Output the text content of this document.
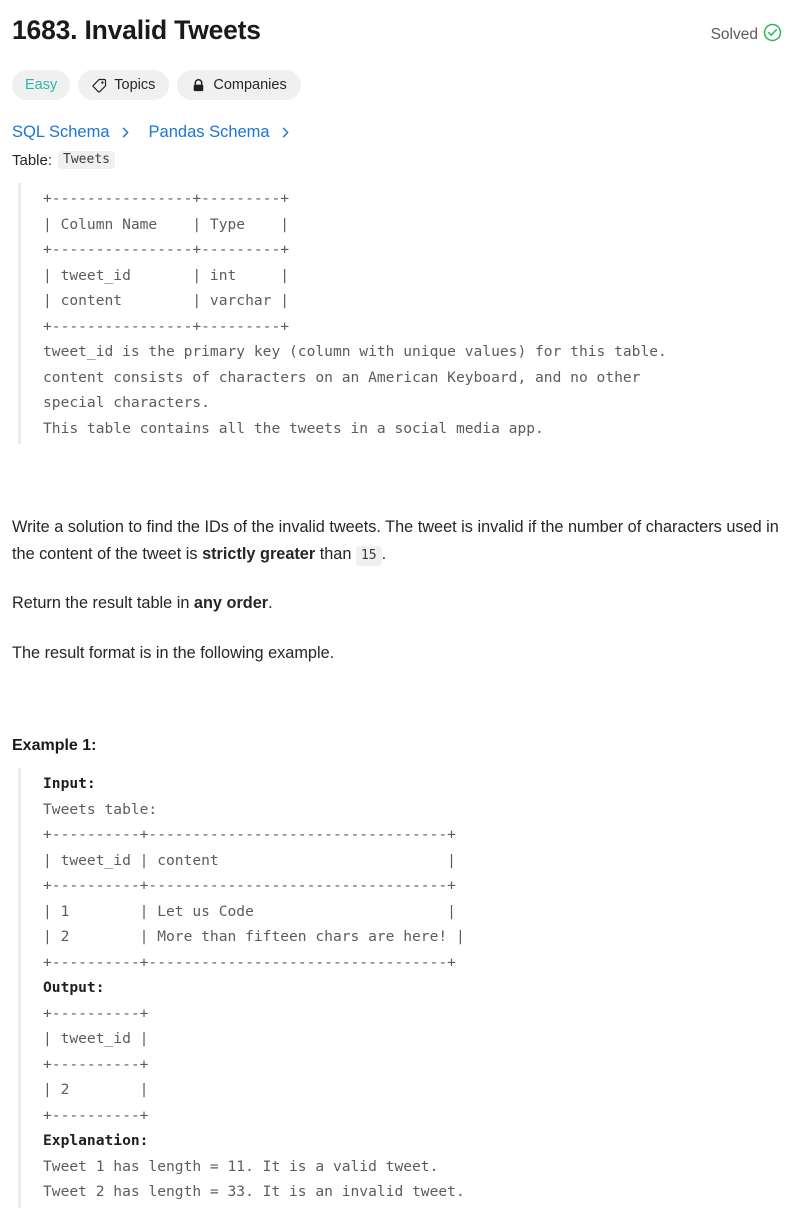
1683. Invalid Tweets	Solved
Easy	Topics	Companies
SQL Schema Pandas Schema
Table: Tweets
+----------------+---------+
| Column Name    | Type    |
+----------------+---------+
| tweet_id       | int     |
| content        | varchar |
+----------------+---------+
tweet_id is the primary key (column with unique values) for this table.
content consists of characters on an American Keyboard, and no other
special characters.
This table contains all the tweets in a social media app.

Write a solution to find the IDs of the invalid tweets. The tweet is invalid if the number of characters used in the content of the tweet is strictly greater than 15 .

Return the result table in any order.

The result format is in the following example.

Example 1:
Input:
Tweets table:
+----------+----------------------------------+
| tweet_id | content                          |
+----------+----------------------------------+
| 1        | Let us Code                      |
| 2        | More than fifteen chars are here! |
+----------+----------------------------------+
Output:
+----------+
| tweet_id |
+----------+
| 2        |
+----------+
Explanation:
Tweet 1 has length = 11. It is a valid tweet.
Tweet 2 has length = 33. It is an invalid tweet.
